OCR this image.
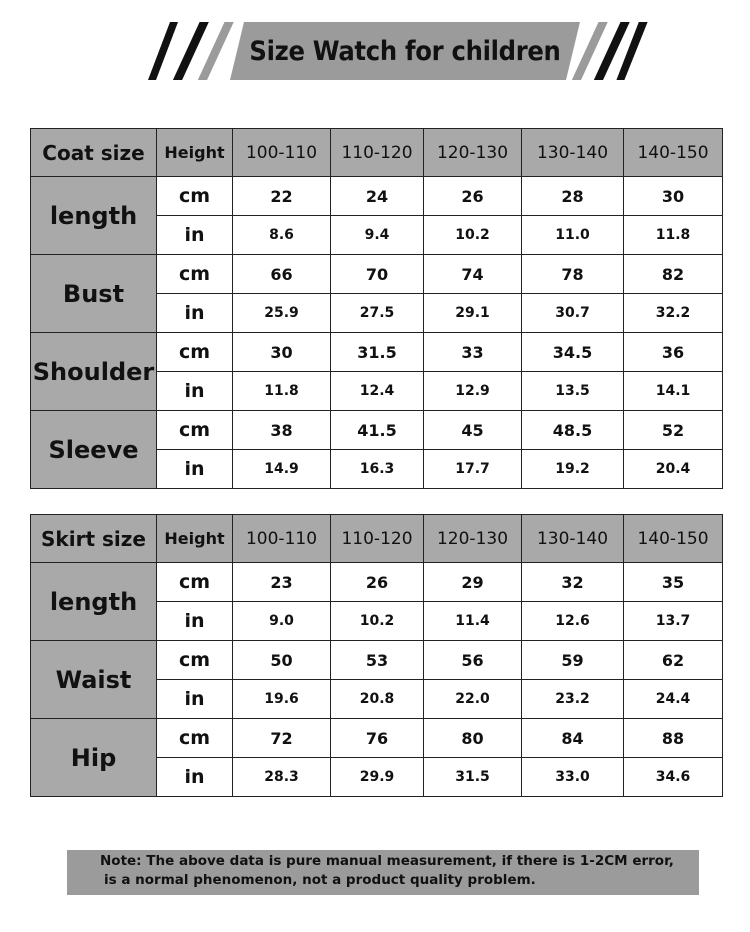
Size Watch for children
Coat size	Height	100-110	110-120	120-130	130-140	140-150
length	cm	22	24	26	28	30
	in	8.6	9.4	10.2	11.0	11.8
Bust	cm	66	70	74	78	82
	in	25.9	27.5	29.1	30.7	32.2
Shoulder	cm	30	31.5	33	34.5	36
	in	11.8	12.4	12.9	13.5	14.1
Sleeve	cm	38	41.5	45	48.5	52
	in	14.9	16.3	17.7	19.2	20.4
Skirt size	Height	100-110	110-120	120-130	130-140	140-150
length	cm	23	26	29	32	35
	in	9.0	10.2	11.4	12.6	13.7
Waist	cm	50	53	56	59	62
	in	19.6	20.8	22.0	23.2	24.4
Hip	cm	72	76	80	84	88
	in	28.3	29.9	31.5	33.0	34.6
Note: The above data is pure manual measurement, if there is 1-2CM error,
is a normal phenomenon, not a product quality problem.
